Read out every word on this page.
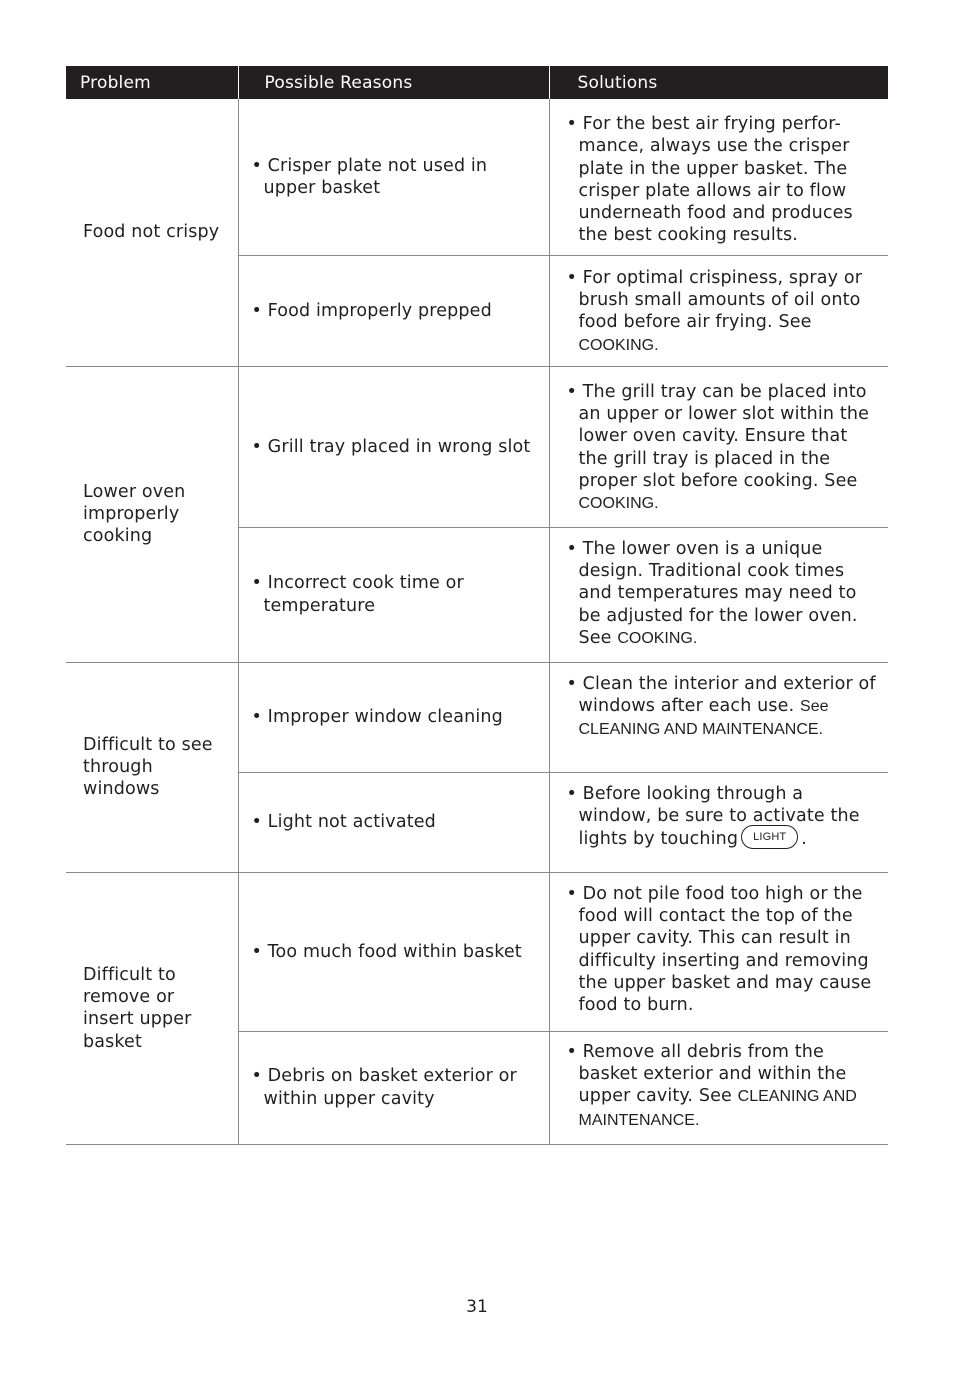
Problem	Possible Reasons	Solutions
Food not crispy	• Crisper plate not used in upper basket	• For the best air frying perfor-mance, always use the crisper plate in the upper basket. The crisper plate allows air to flow underneath food and produces the best cooking results.

	• Food improperly prepped	• For optimal crispiness, spray or brush small amounts of oil onto food before air frying. See COOKING.

Lower oven improperly cooking	• Grill tray placed in wrong slot	• The grill tray can be placed into an upper or lower slot within the lower oven cavity. Ensure that the grill tray is placed in the proper slot before cooking. See COOKING.

	• Incorrect cook time or temperature	• The lower oven is a unique design. Traditional cook times and temperatures may need to be adjusted for the lower oven. See COOKING.

Difficult to see through windows	• Improper window cleaning	• Clean the interior and exterior of windows after each use. See CLEANING AND MAINTENANCE.

	• Light not activated	• Before looking through a window, be sure to activate the lights by touching LIGHT .

Difficult to remove or insert upper basket	• Too much food within basket	• Do not pile food too high or the food will contact the top of the upper cavity. This can result in difficulty inserting and removing the upper basket and may cause food to burn.

	• Debris on basket exterior or within upper cavity	• Remove all debris from the basket exterior and within the upper cavity. See CLEANING AND MAINTENANCE.
31
